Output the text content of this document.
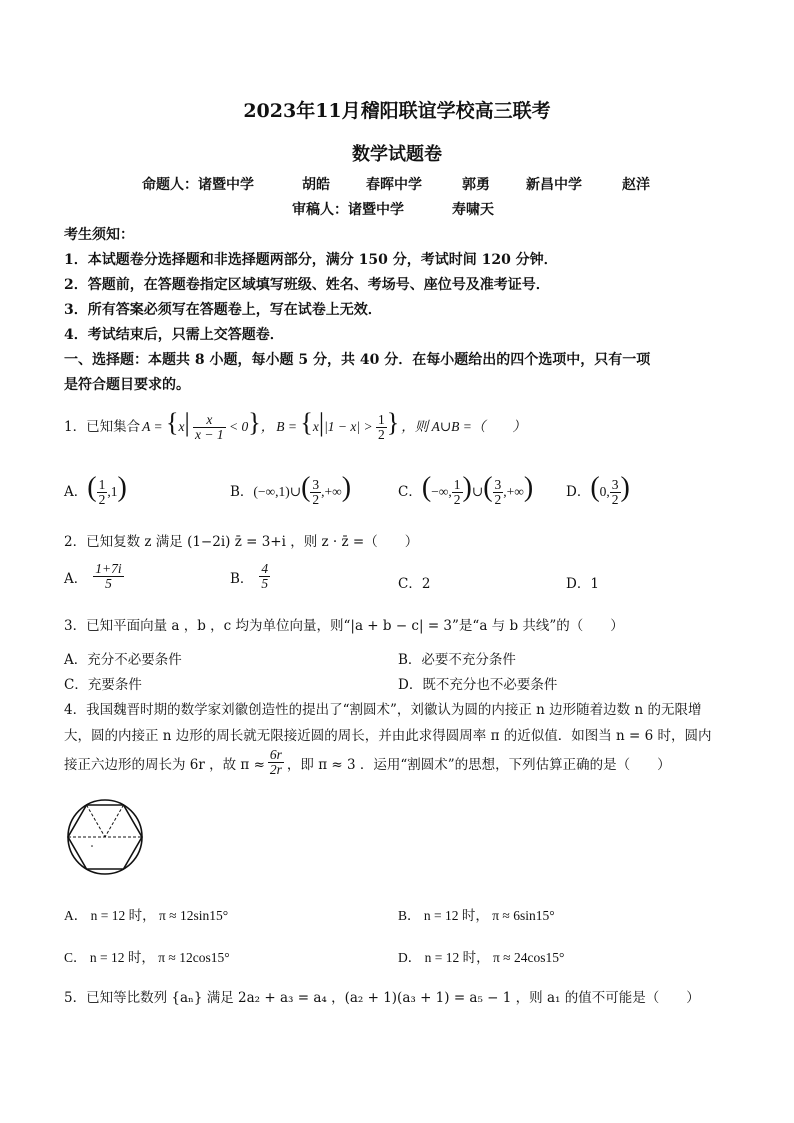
2023年11月稽阳联谊学校高三联考
数学试题卷
命题人：诸暨中学	胡皓	春晖中学	郭勇	新昌中学	赵洋
审稿人：诸暨中学	寿啸天
考生须知：
1．本试题卷分选择题和非选择题两部分，满分 150 分，考试时间 120 分钟．
2．答题前，在答题卷指定区域填写班级、姓名、考场号、座位号及准考证号．
3．所有答案必须写在答题卷上，写在试卷上无效．
4．考试结束后，只需上交答题卷．
一、选择题：本题共 8 小题，每小题 5 分，共 40 分．在每小题给出的四个选项中，只有一项
是符合题目要求的。
1．已知集合 $A = \{x| \frac{x}{x - 1} < 0\}$， $B = \{x||1 - x| > \frac{1}{2}$ } ，则 A∪B =（　　）
A． ( $\frac{1}{2} ,1$)	B． (−∞,1)∪( $\frac{3}{2}$ ,+∞)	C． (−∞, $\frac{1}{2}$ )∪( $\frac{3}{2}$ ,+∞) D． (0, $\frac{3}{2}$ )
2．已知复数 z 满足 (1−2i) z̄ = 3+i ，则 z · z̄ =（　　）
A． $\frac{1+7i}{5}$	B． $\frac{4}{5}$	C．2	D．1
3．已知平面向量 a ，b ，c 均为单位向量，则“|a + b − c| = 3”是“a 与 b 共线”的（　　）
A．充分不必要条件	B．必要不充分条件
C．充要条件	D．既不充分也不必要条件
4．我国魏晋时期的数学家刘徽创造性的提出了“割圆术”，刘徽认为圆的内接正 n 边形随着边数 n 的无限增
大，圆的内接正 n 边形的周长就无限接近圆的周长，并由此求得圆周率 π 的近似值．如图当 n = 6 时，圆内
接正六边形的周长为 6r ，故 $\pi \approx \frac{6r}{2r}$ ，即 π ≈ 3 ．运用“割圆术”的思想，下列估算正确的是（　　）
A． n = 12 时， π ≈ 12sin15°	B． n = 12 时， π ≈ 6sin15°
C． n = 12 时， π ≈ 12cos15°	D． n = 12 时， π ≈ 24cos15°
5．已知等比数列 {aₙ} 满足 2a₂ + a₃ = a₄ ，(a₂ + 1)(a₃ + 1) = a₅ − 1 ，则 a₁ 的值不可能是（　　）
